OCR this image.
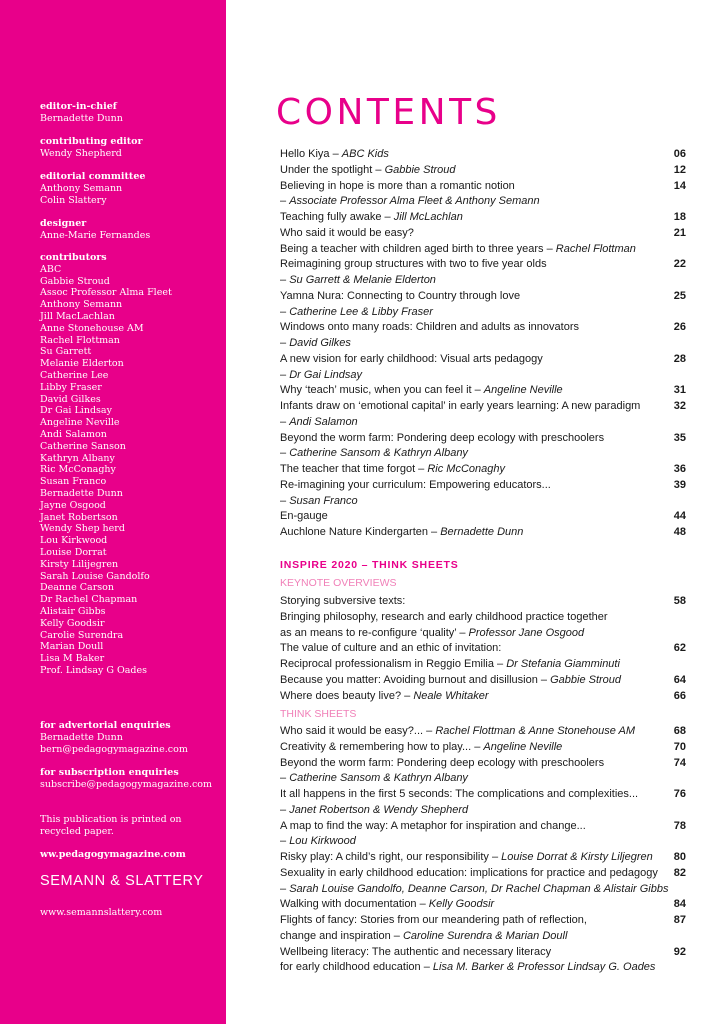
editor-in-chief
Bernadette Dunn
contributing editor
Wendy Shepherd
editorial committee
Anthony Semann
Colin Slattery
designer
Anne-Marie Fernandes
contributors
ABC
Gabbie Stroud
Assoc Professor Alma Fleet
Anthony Semann
Jill MacLachlan
Anne Stonehouse AM
Rachel Flottman
Su Garrett
Melanie Elderton
Catherine Lee
Libby Fraser
David Gilkes
Dr Gai Lindsay
Angeline Neville
Andi Salamon
Catherine Sanson
Kathryn Albany
Ric McConaghy
Susan Franco
Bernadette Dunn
Jayne Osgood
Janet Robertson
Wendy Shep herd
Lou Kirkwood
Louise Dorrat
Kirsty Lilijegren
Sarah Louise Gandolfo
Deanne Carson
Dr Rachel Chapman
Alistair Gibbs
Kelly Goodsir
Carolie Surendra
Marian Doull
Lisa M Baker
Prof. Lindsay G Oades
for advertorial enquiries
Bernadette Dunn
bern@pedagogymagazine.com
for subscription enquiries
subscribe@pedagogymagazine.com
This publication is printed on
recycled paper.
ww.pedagogymagazine.com
SEMANN & SLATTERY
www.semannslattery.com
CONTENTS
Hello Kiya – ABC Kids	06
Under the spotlight – Gabbie Stroud	12
Believing in hope is more than a romantic notion	14
– Associate Professor Alma Fleet & Anthony Semann
Teaching fully awake – Jill McLachlan	18
Who said it would be easy?	21
Being a teacher with children aged birth to three years – Rachel Flottman
Reimagining group structures with two to five year olds	22
– Su Garrett & Melanie Elderton
Yamna Nura: Connecting to Country through love	25
– Catherine Lee & Libby Fraser
Windows onto many roads: Children and adults as innovators	26
– David Gilkes
A new vision for early childhood: Visual arts pedagogy	28
– Dr Gai Lindsay
Why ‘teach’ music, when you can feel it – Angeline Neville	31
Infants draw on ‘emotional capital’ in early years learning: A new paradigm	32
– Andi Salamon
Beyond the worm farm: Pondering deep ecology with preschoolers	35
– Catherine Sansom & Kathryn Albany
The teacher that time forgot – Ric McConaghy	36
Re-imagining your curriculum: Empowering educators...	39
– Susan Franco
En-gauge	44
Auchlone Nature Kindergarten – Bernadette Dunn	48
INSPIRE 2020 – THINK SHEETS
KEYNOTE OVERVIEWS
Storying subversive texts:	58
Bringing philosophy, research and early childhood practice together
as an means to re-configure ‘quality’ – Professor Jane Osgood
The value of culture and an ethic of invitation:	62
Reciprocal professionalism in Reggio Emilia – Dr Stefania Giamminuti
Because you matter: Avoiding burnout and disillusion – Gabbie Stroud	64
Where does beauty live? – Neale Whitaker	66
THINK SHEETS
Who said it would be easy?... – Rachel Flottman & Anne Stonehouse AM	68
Creativity & remembering how to play... – Angeline Neville	70
Beyond the worm farm: Pondering deep ecology with preschoolers	74
– Catherine Sansom & Kathryn Albany
It all happens in the first 5 seconds: The complications and complexities...	76
– Janet Robertson & Wendy Shepherd
A map to find the way: A metaphor for inspiration and change...	78
– Lou Kirkwood
Risky play: A child’s right, our responsibility – Louise Dorrat & Kirsty Liljegren 80
Sexuality in early childhood education: implications for practice and pedagogy 82
– Sarah Louise Gandolfo, Deanne Carson, Dr Rachel Chapman & Alistair Gibbs
Walking with documentation – Kelly Goodsir	84
Flights of fancy: Stories from our meandering path of reflection,	87
change and inspiration – Caroline Surendra & Marian Doull
Wellbeing literacy: The authentic and necessary literacy	92
for early childhood education – Lisa M. Barker & Professor Lindsay G. Oades
